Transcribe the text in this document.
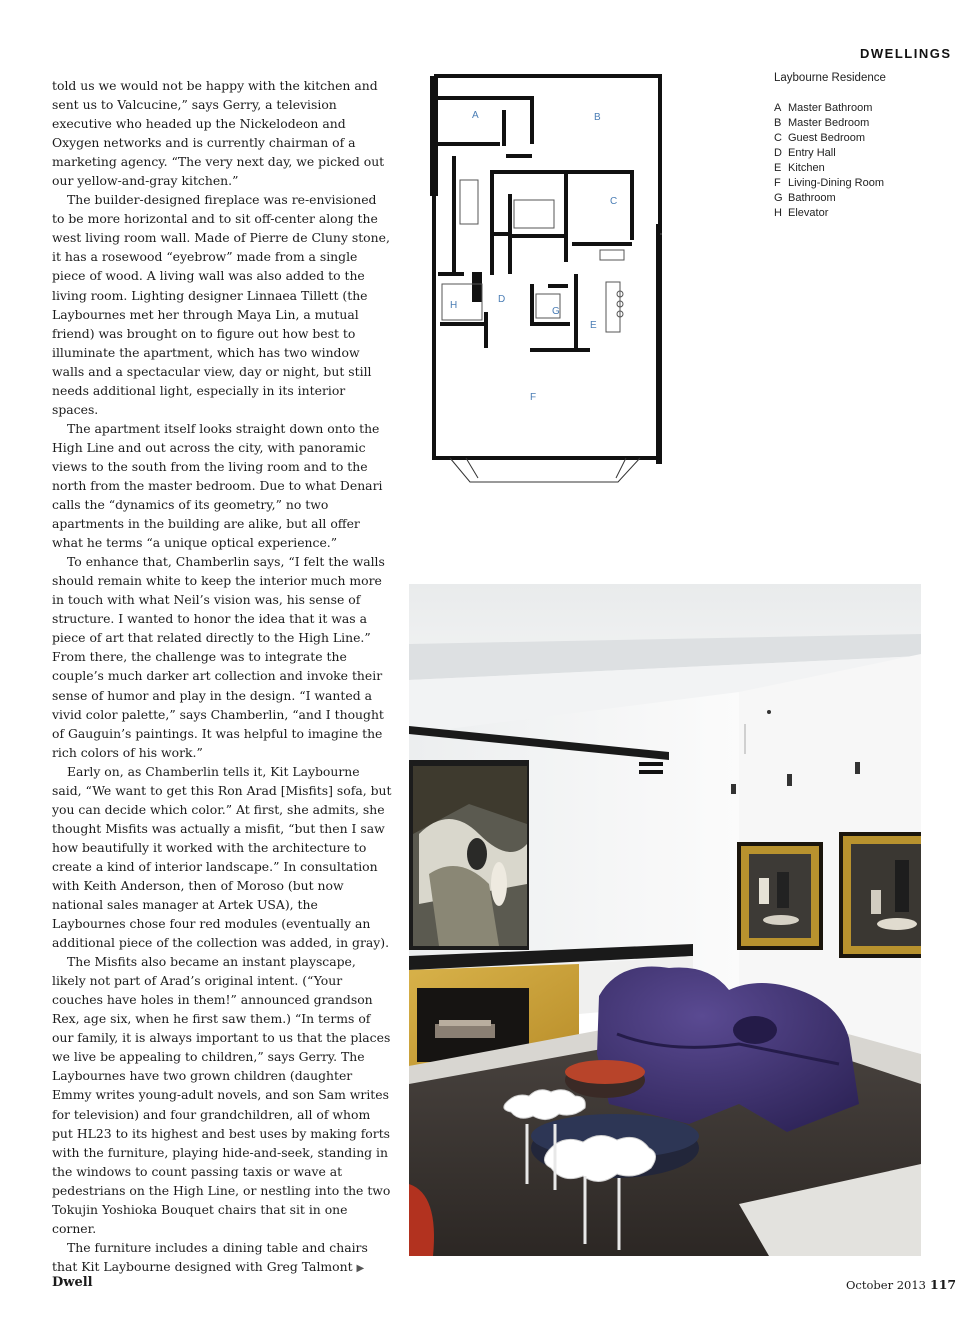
DWELLINGS

told us we would not be happy with the kitchen and sent us to Valcucine,” says Gerry, a television executive who headed up the Nickelodeon and Oxygen networks and is currently chairman of a marketing agency. “The very next day, we picked out our yellow-and-gray kitchen.”

The builder-designed fireplace was re-envisioned to be more horizontal and to sit off-center along the west living room wall. Made of Pierre de Cluny stone, it has a rosewood “eyebrow” made from a single piece of wood. A living wall was also added to the living room. Lighting designer Linnaea Tillett (the Laybournes met her through Maya Lin, a mutual friend) was brought on to figure out how best to illuminate the apartment, which has two window walls and a spectacular view, day or night, but still needs additional light, especially in its interior spaces.

The apartment itself looks straight down onto the High Line and out across the city, with panoramic views to the south from the living room and to the north from the master bedroom. Due to what Denari calls the “dynamics of its geometry,” no two apartments in the building are alike, but all offer what he terms “a unique optical experience.”

To enhance that, Chamberlin says, “I felt the walls should remain white to keep the interior much more in touch with what Neil’s vision was, his sense of structure. I wanted to honor the idea that it was a piece of art that related directly to the High Line.” From there, the challenge was to integrate the couple’s much darker art collection and invoke their sense of humor and play in the design. “I wanted a vivid color palette,” says Chamberlin, “and I thought of Gauguin’s paintings. It was helpful to imagine the rich colors of his work.”

Early on, as Chamberlin tells it, Kit Laybourne said, “We want to get this Ron Arad [Misfits] sofa, but you can decide which color.” At first, she admits, she thought Misfits was actually a misfit, “but then I saw how beautifully it worked with the architecture to create a kind of interior landscape.” In consultation with Keith Anderson, then of Moroso (but now national sales manager at Artek USA), the Laybournes chose four red modules (eventually an additional piece of the collection was added, in gray).

The Misfits also became an instant playscape, likely not part of Arad’s original intent. (“Your couches have holes in them!” announced grandson Rex, age six, when he first saw them.) “In terms of our family, it is always important to us that the places we live be appealing to children,” says Gerry. The Laybournes have two grown children (daughter Emmy writes young-adult novels, and son Sam writes for television) and four grandchildren, all of whom put HL23 to its highest and best uses by making forts with the furniture, playing hide-and-seek, standing in the windows to count passing taxis or wave at pedestrians on the High Line, or nestling into the two Tokujin Yoshioka Bouquet chairs that sit in one corner.

The furniture includes a dining table and chairs that Kit Laybourne designed with Greg Talmont ▶

A	B
C
D
E
F
G
H
Laybourne Residence
A Master Bathroom
B Master Bedroom
C Guest Bedroom
D Entry Hall
E Kitchen
F Living-Dining Room
G Bathroom
H Elevator
Dwell	October 2013 117
